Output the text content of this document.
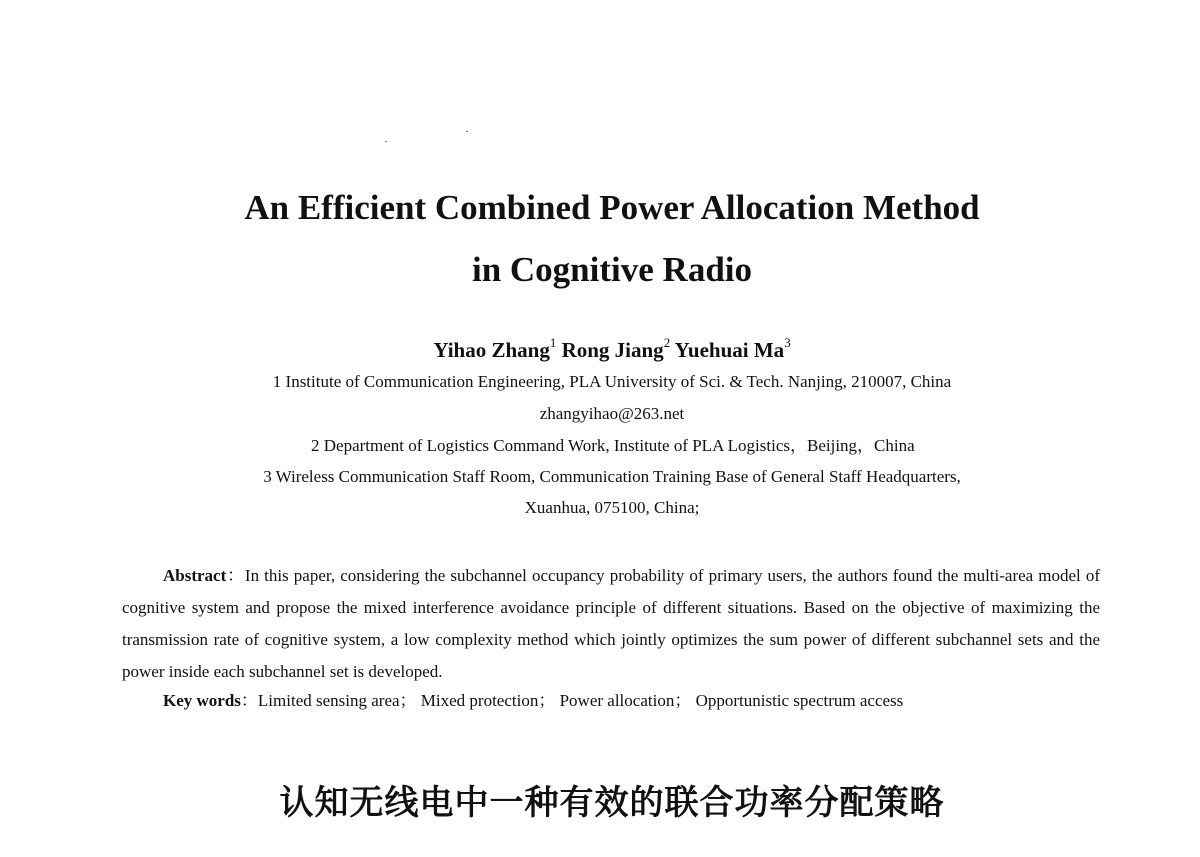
An Efficient Combined Power Allocation Method
in Cognitive Radio
Yihao Zhang$^1$ Rong Jiang$^2$ Yuehuai Ma$^3$
1 Institute of Communication Engineering, PLA University of Sci. & Tech. Nanjing, 210007, China
zhangyihao@263.net
2 Department of Logistics Command Work, Institute of PLA Logistics，Beijing，China
3 Wireless Communication Staff Room, Communication Training Base of General Staff Headquarters,
Xuanhua, 075100, China;

Abstract：In this paper, considering the subchannel occupancy probability of primary users, the authors found the multi-area model of cognitive system and propose the mixed interference avoidance principle of different situations. Based on the objective of maximizing the transmission rate of cognitive system, a low complexity method which jointly optimizes the sum power of different subchannel sets and the power inside each subchannel set is developed.

Key words：Limited sensing area； Mixed protection； Power allocation； Opportunistic spectrum access
认知无线电中一种有效的联合功率分配策略
